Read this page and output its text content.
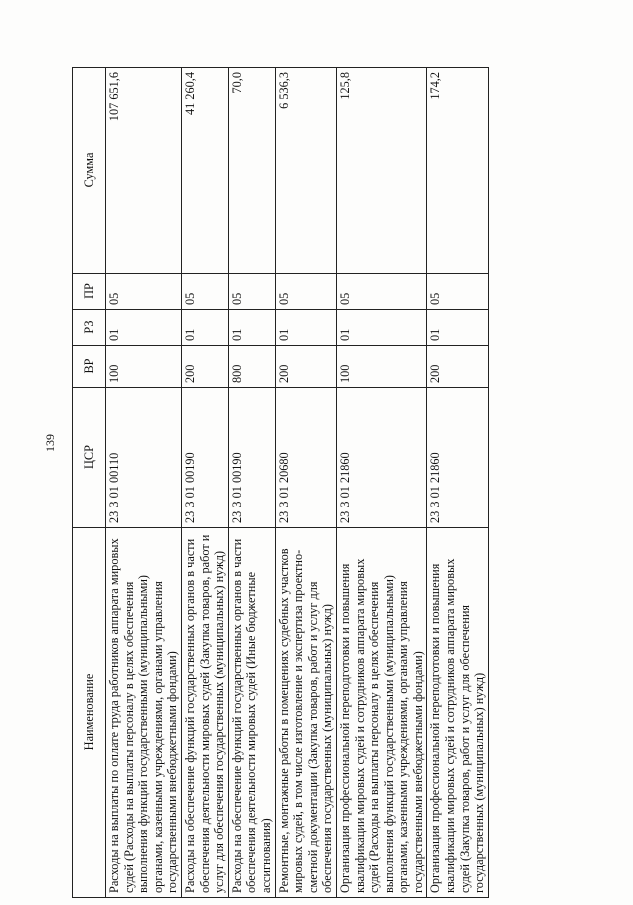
139
Наименование	ЦСР	ВР	РЗ	ПР	Сумма
Расходы на выплаты по оплате труда работников аппарата мировых судей (Расходы на выплаты персоналу в целях обеспечения выполнения функций государственными (муниципальными) органами, казенными учреждениями, органами управления государственными внебюджетными фондами)	23 3 01 00110	100	01	05	107 651,6
Расходы на обеспечение функций государственных органов в части обеспечения деятельности мировых судей (Закупка товаров, работ и услуг для обеспечения государственных (муниципальных) нужд)	23 3 01 00190	200	01	05	41 260,4
Расходы на обеспечение функций государственных органов в части обеспечения деятельности мировых судей (Иные бюджетные ассигнования)	23 3 01 00190	800	01	05	70,0
Ремонтные, монтажные работы в помещениях судебных участков мировых судей, в том числе изготовление и экспертиза проектно-сметной документации (Закупка товаров, работ и услуг для обеспечения государственных (муниципальных) нужд)	23 3 01 20680	200	01	05	6 536,3
Организация профессиональной переподготовки и повышения квалификации мировых судей и сотрудников аппарата мировых судей (Расходы на выплаты персоналу в целях обеспечения выполнения функций государственными (муниципальными) органами, казенными учреждениями, органами управления государственными внебюджетными фондами)	23 3 01 21860	100	01	05	125,8
Организация профессиональной переподготовки и повышения квалификации мировых судей и сотрудников аппарата мировых судей (Закупка товаров, работ и услуг для обеспечения государственных (муниципальных) нужд)	23 3 01 21860	200	01	05	174,2
